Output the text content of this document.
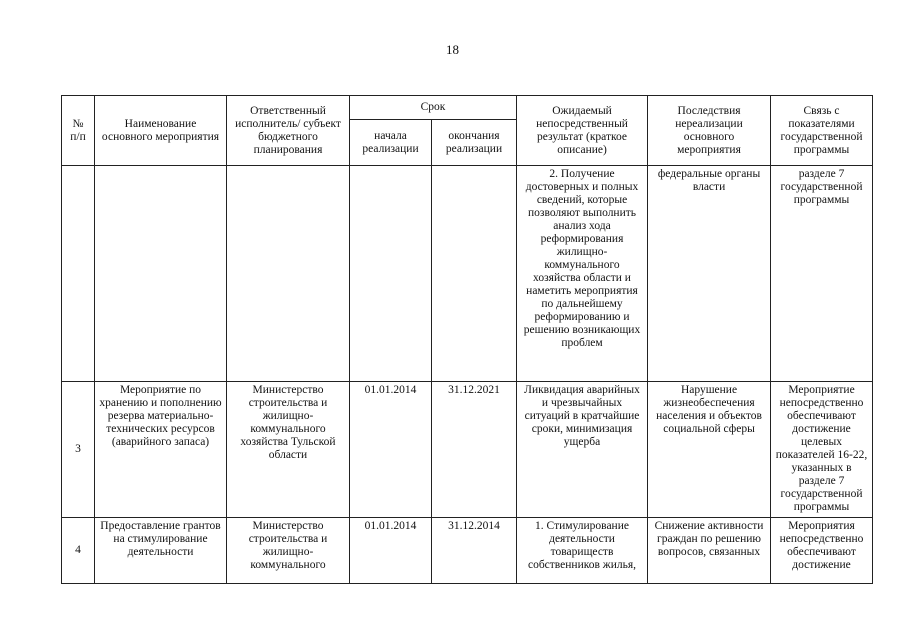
18
№
п/п	Наименование основного мероприятия	Ответственный исполнитель/ субъект бюджетного планирования	Срок		Ожидаемый непосредственный результат (краткое описание)	Последствия нереализации основного мероприятия	Связь с показателями государственной программы
			начала реализации	окончания реализации			
					2. Получение достоверных и полных сведений, которые позволяют выполнить анализ хода реформирования жилищно-коммунального хозяйства области и наметить мероприятия по дальнейшему реформированию и решению возникающих проблем	федеральные органы власти	разделе 7 государственной программы
3	Мероприятие по хранению и пополнению резерва материально-технических ресурсов (аварийного запаса)	Министерство строительства и жилищно-коммунального хозяйства Тульской области	01.01.2014	31.12.2021	Ликвидация аварийных и чрезвычайных ситуаций в кратчайшие сроки, минимизация ущерба	Нарушение жизнеобеспечения населения и объектов социальной сферы	Мероприятие непосредственно обеспечивают достижение целевых показателей 16-22, указанных в разделе 7 государственной программы
4	Предоставление грантов на стимулирование деятельности	Министерство строительства и жилищно-коммунального	01.01.2014	31.12.2014	1. Стимулирование деятельности товариществ собственников жилья,	Снижение активности граждан по решению вопросов, связанных	Мероприятия непосредственно обеспечивают достижение
